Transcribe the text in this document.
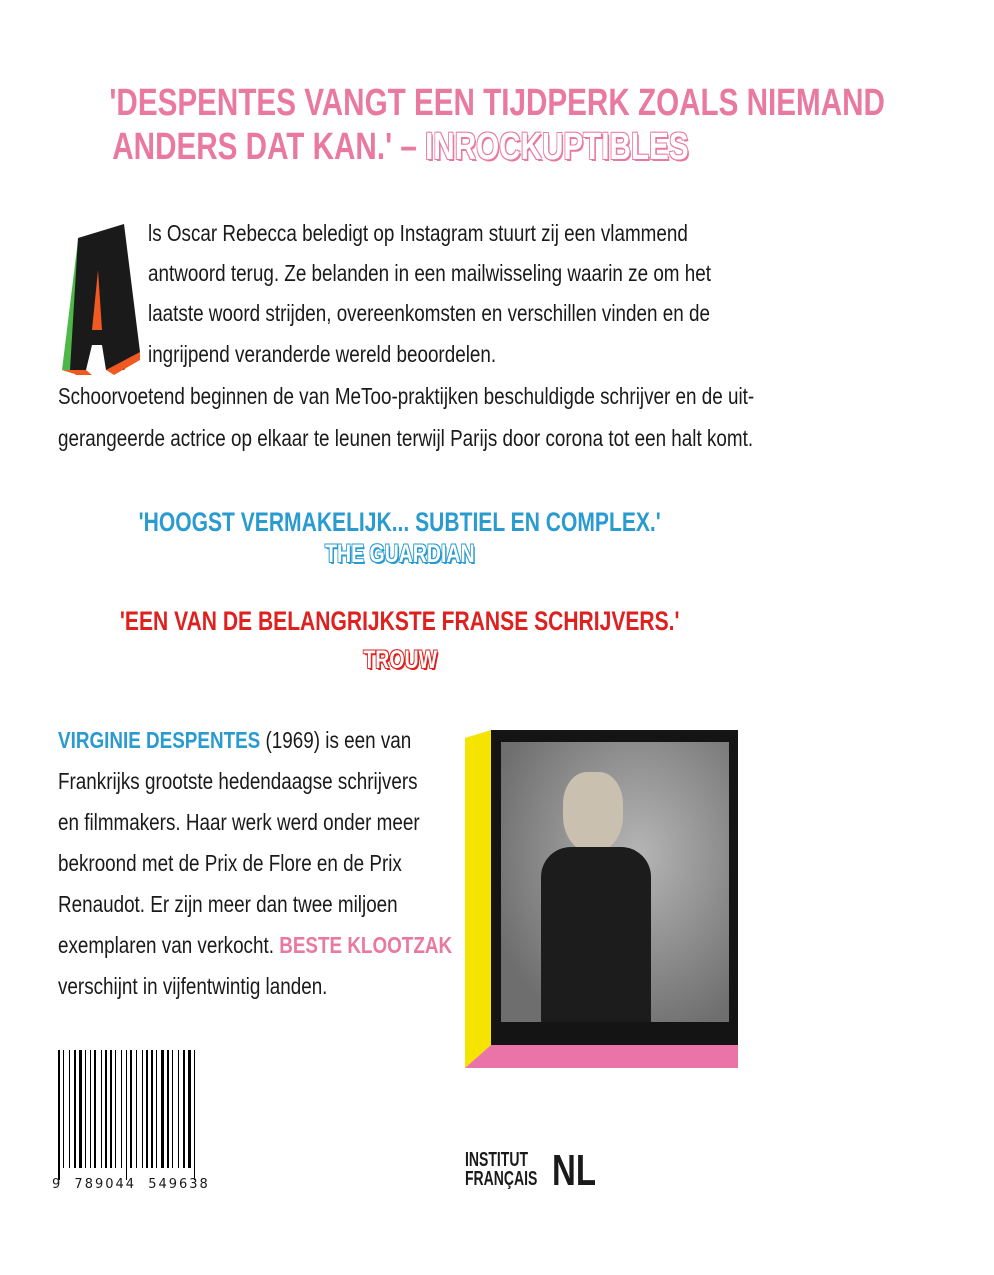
'DESPENTES VANGT EEN TIJDPERK ZOALS NIEMAND
ANDERS DAT KAN.' – INROCKUPTIBLES
A	ls Oscar Rebecca beledigt op Instagram stuurt zij een vlammend
antwoord terug. Ze belanden in een mailwisseling waarin ze om het
laatste woord strijden, overeenkomsten en verschillen vinden en de
ingrijpend veranderde wereld beoordelen.
Schoorvoetend beginnen de van MeToo-praktijken beschuldigde schrijver en de uit-
gerangeerde actrice op elkaar te leunen terwijl Parijs door corona tot een halt komt.
'HOOGST VERMAKELIJK... SUBTIEL EN COMPLEX.'
THE GUARDIAN
'EEN VAN DE BELANGRIJKSTE FRANSE SCHRIJVERS.'
TROUW
VIRGINIE DESPENTES (1969) is een van
Frankrijks grootste hedendaagse schrijvers
en filmmakers. Haar werk werd onder meer
bekroond met de Prix de Flore en de Prix
Renaudot. Er zijn meer dan twee miljoen
exemplaren van verkocht. BESTE KLOOTZAK
verschijnt in vijfentwintig landen.
9 789044 549638
INSTITUT
FRANÇAIS NL
